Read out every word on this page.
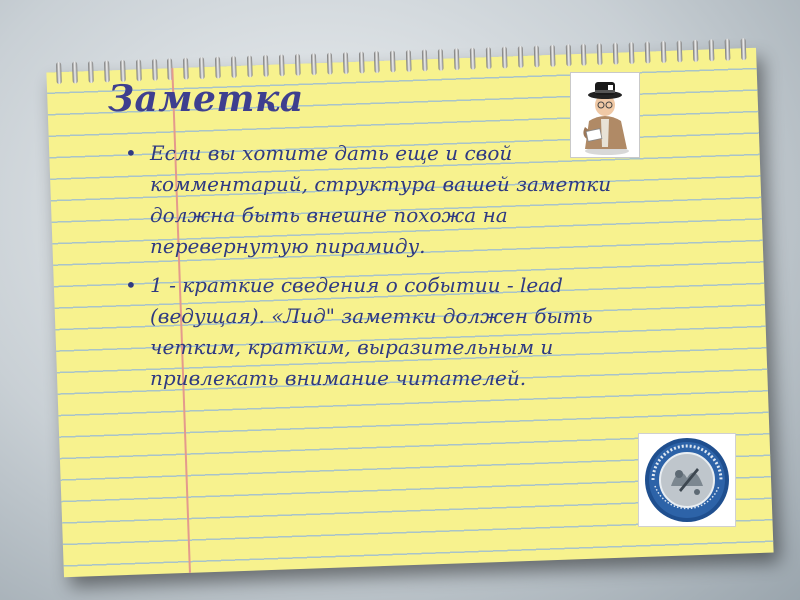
Заметка
• Если вы хотите дать еще и свой комментарий, структура вашей заметки должна быть внешне похожа на перевернутую пирамиду.
• 1 - краткие сведения о событии - lead (ведущая). «Лид" заметки должен быть четким, кратким, выразительным и привлекать внимание читателей.
